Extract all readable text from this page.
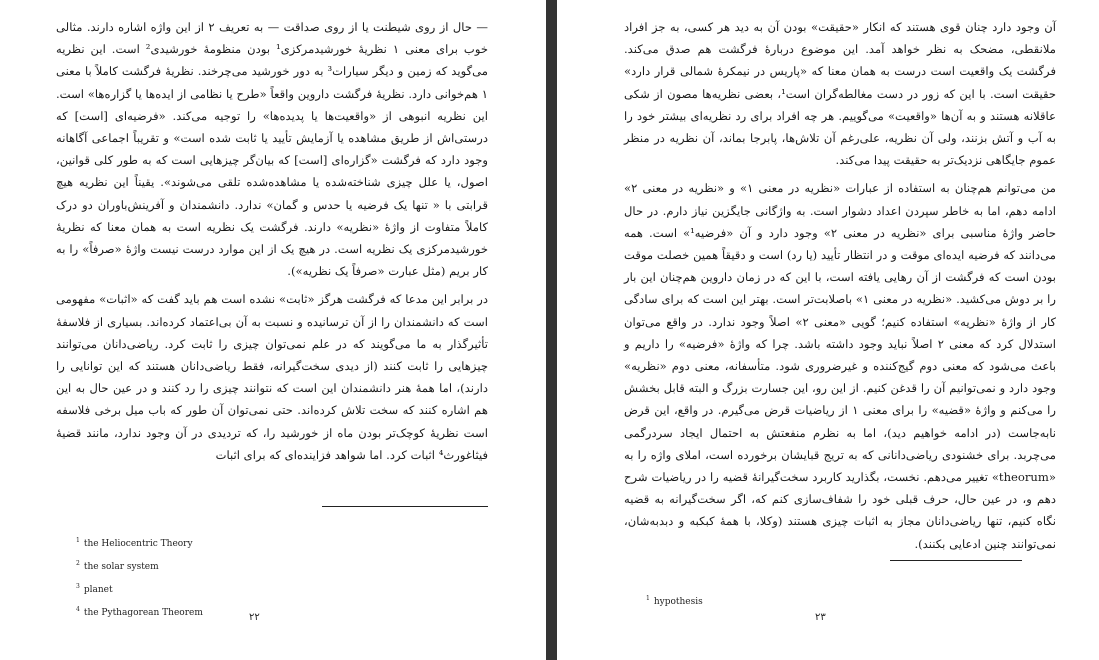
— حال از روی شیطنت یا از روی صداقت — به تعریف ۲ از این واژه اشاره دارند. مثالی خوب برای معنی ۱ نظریهٔ خورشیدمرکزی¹ بودن منظومهٔ خورشیدی² است. این نظریه می‌گوید که زمین و دیگر سیارات³ به دور خورشید می‌چرخند. نظریهٔ فرگشت کاملاً با معنی ۱ هم‌خوانی دارد. نظریهٔ فرگشت داروین واقعاً «طرح یا نظامی از ایده‌ها یا گزاره‌ها» است. این نظریه انبوهی از «واقعیت‌ها یا پدیده‌ها» را توجیه می‌کند. «فرضیه‌ای [است] که درستی‌اش از طریق مشاهده یا آزمایش تأیید یا ثابت شده است» و تقریباً اجماعی آگاهانه وجود دارد که فرگشت «گزاره‌ای [است] که بیان‌گر چیزهایی است که به طور کلی قوانین، اصول، یا علل چیزی شناخته‌شده یا مشاهده‌شده تلقی می‌شوند». یقیناً این نظریه هیچ قرابتی با « تنها یک فرضیه یا حدس و گمان» ندارد. دانشمندان و آفرینش‌باوران دو درک کاملاً متفاوت از واژهٔ «نظریه» دارند. فرگشت یک نظریه است به همان معنا که نظریهٔ خورشیدمرکزی یک نظریه است. در هیچ یک از این موارد درست نیست واژهٔ «صرفاً» را به کار بریم (مثل عبارت «صرفاً یک نظریه»).

در برابر این مدعا که فرگشت هرگز «ثابت» نشده است هم باید گفت که «اثبات» مفهومی است که دانشمندان را از آن ترسانیده و نسبت به آن بی‌اعتماد کرده‌اند. بسیاری از فلاسفهٔ تأثیرگذار به ما می‌گویند که در علم نمی‌توان چیزی را ثابت کرد. ریاضی‌دانان می‌توانند چیزهایی را ثابت کنند (از دیدی سخت‌گیرانه، فقط ریاضی‌دانان هستند که این توانایی را دارند)، اما همهٔ هنر دانشمندان این است که نتوانند چیزی را رد کنند و در عین حال به این هم اشاره کنند که سخت تلاش کرده‌اند. حتی نمی‌توان آن طور که باب میل برخی فلاسفه است نظریهٔ کوچک‌تر بودن ماه از خورشید را، که تردیدی در آن وجود ندارد، مانند قضیهٔ فیثاغورث⁴ اثبات کرد. اما شواهد فزاینده‌ای که برای اثبات

$^1$ the Heliocentric Theory
$^2$ the solar system
$^3$ planet
$^4$ the Pythagorean Theorem	۲۲

آن وجود دارد چنان قوی هستند که انکار «حقیقت» بودن آن به دید هر کسی، به جز افراد ملانقطی، مضحک به نظر خواهد آمد. این موضوع دربارهٔ فرگشت هم صدق می‌کند. فرگشت یک واقعیت است درست به همان معنا که «پاریس در نیمکرهٔ شمالی قرار دارد» حقیقت است. با این که زور در دست مغالطه‌گران است¹، بعضی نظریه‌ها مصون از شکی عاقلانه هستند و به آن‌ها «واقعیت» می‌گوییم. هر چه افراد برای رد نظریه‌ای بیشتر خود را به آب و آتش بزنند، ولی آن نظریه، علی‌رغم آن تلاش‌ها، پابرجا بماند، آن نظریه در منظر عموم جایگاهی نزدیک‌تر به حقیقت پیدا می‌کند.

من می‌توانم هم‌چنان به استفاده از عبارات «نظریه در معنی ۱» و «نظریه در معنی ۲» ادامه دهم، اما به خاطر سپردن اعداد دشوار است. به واژگانی جایگزین نیاز دارم. در حال حاضر واژهٔ مناسبی برای «نظریه در معنی ۲» وجود دارد و آن «فرضیه¹» است. همه می‌دانند که فرضیه ایده‌ای موقت و در انتظار تأیید (یا رد) است و دقیقاً همین خصلت موقت بودن است که فرگشت از آن رهایی یافته است، با این که در زمان داروین هم‌چنان این بار را بر دوش می‌کشید. «نظریه در معنی ۱» باصلابت‌تر است. بهتر این است که برای سادگی کار از واژهٔ «نظریه» استفاده کنیم؛ گویی «معنی ۲» اصلاً وجود ندارد. در واقع می‌توان استدلال کرد که معنی ۲ اصلاً نباید وجود داشته باشد. چرا که واژهٔ «فرضیه» را داریم و باعث می‌شود که معنی دوم گیج‌کننده و غیرضروری شود. متأسفانه، معنی دوم «نظریه» وجود دارد و نمی‌توانیم آن را قدغن کنیم. از این رو، این جسارت بزرگ و البته قابل بخشش را می‌کنم و واژهٔ «قضیه» را برای معنی ۱ از ریاضیات قرض می‌گیرم. در واقع، این قرض نابه‌جاست (در ادامه خواهیم دید)، اما به نظرم منفعتش به احتمال ایجاد سردرگمی می‌چربد. برای خشنودی ریاضی‌دانانی که به تریج قبایشان برخورده است، املای واژه را به «theorum» تغییر می‌دهم. نخست، بگذارید کاربرد سخت‌گیرانهٔ قضیه را در ریاضیات شرح دهم و، در عین حال، حرف قبلی خود را شفاف‌سازی کنم که، اگر سخت‌گیرانه به قضیه نگاه کنیم، تنها ریاضی‌دانان مجاز به اثبات چیزی هستند (وکلا، با همهٔ کبکبه و دبدبه‌شان، نمی‌توانند چنین ادعایی بکنند).

$^1$ hypothesis
۲۳
